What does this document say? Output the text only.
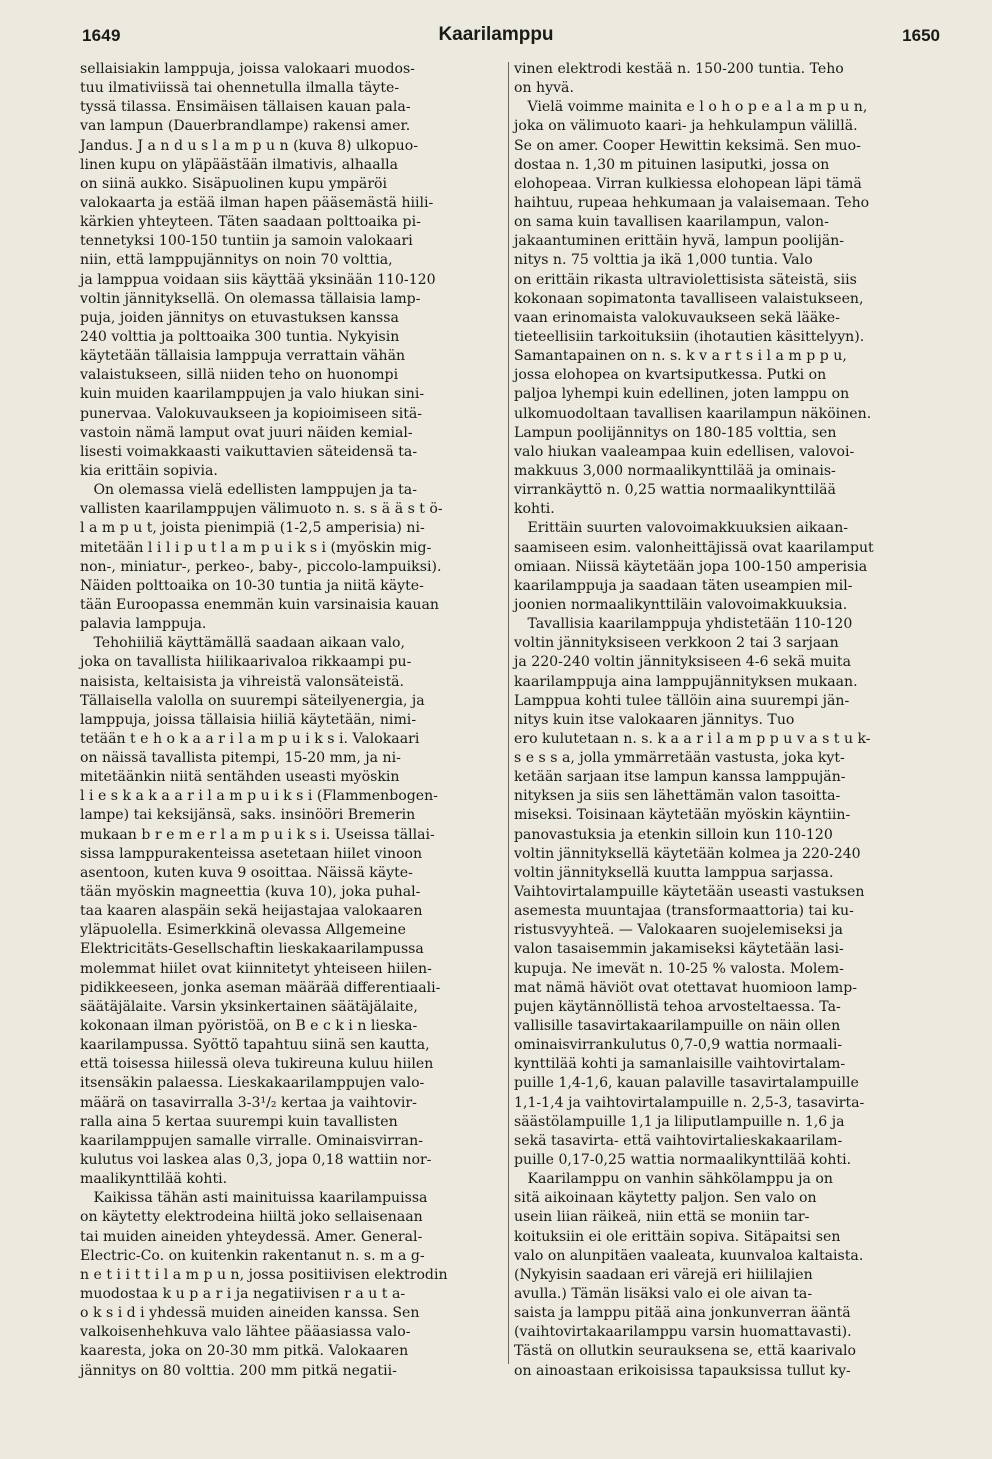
1649	Kaarilamppu	1650
sellaisiakin lamppuja, joissa valokaari muodos-
tuu ilmativiissä tai ohennetulla ilmalla täyte-
tyssä tilassa. Ensimäisen tällaisen kauan pala-
van lampun (Dauerbrandlampe) rakensi amer.
Jandus. J a n d u s l a m p u n (kuva 8) ulkopuo-
linen kupu on yläpäästään ilmativis, alhaalla
on siinä aukko. Sisäpuolinen kupu ympäröi
valokaarta ja estää ilman hapen pääsemästä hiili-
kärkien yhteyteen. Täten saadaan polttoaika pi-
tennetyksi 100-150 tuntiin ja samoin valokaari
niin, että lamppujännitys on noin 70 volttia,
ja lamppua voidaan siis käyttää yksinään 110-120
voltin jännityksellä. On olemassa tällaisia lamp-
puja, joiden jännitys on etuvastuksen kanssa
240 volttia ja polttoaika 300 tuntia. Nykyisin
käytetään tällaisia lamppuja verrattain vähän
valaistukseen, sillä niiden teho on huonompi
kuin muiden kaarilamppujen ja valo hiukan sini-
punervaa. Valokuvaukseen ja kopioimiseen sitä-
vastoin nämä lamput ovat juuri näiden kemial-
lisesti voimakkaasti vaikuttavien säteidensä ta-
kia erittäin sopivia.
On olemassa vielä edellisten lamppujen ja ta-
vallisten kaarilamppujen välimuoto n. s. s ä ä s t ö-
l a m p u t, joista pienimpiä (1-2,5 amperisia) ni-
mitetään l i l i p u t l a m p u i k s i (myöskin mig-
non-, miniatur-, perkeo-, baby-, piccolo-lampuiksi).
Näiden polttoaika on 10-30 tuntia ja niitä käyte-
tään Euroopassa enemmän kuin varsinaisia kauan
palavia lamppuja.
Tehohiiliä käyttämällä saadaan aikaan valo,
joka on tavallista hiilikaarivaloa rikkaampi pu-
naisista, keltaisista ja vihreistä valonsäteistä.
Tällaisella valolla on suurempi säteilyenergia, ja
lamppuja, joissa tällaisia hiiliä käytetään, nimi-
tetään t e h o k a a r i l a m p u i k s i. Valokaari
on näissä tavallista pitempi, 15-20 mm, ja ni-
mitetäänkin niitä sentähden useasti myöskin
l i e s k a k a a r i l a m p u i k s i (Flammenbogen-
lampe) tai keksijänsä, saks. insinööri Bremerin
mukaan b r e m e r l a m p u i k s i. Useissa tällai-
sissa lamppurakenteissa asetetaan hiilet vinoon
asentoon, kuten kuva 9 osoittaa. Näissä käyte-
tään myöskin magneettia (kuva 10), joka puhal-
taa kaaren alaspäin sekä heijastajaa valokaaren
yläpuolella. Esimerkkinä olevassa Allgemeine
Elektricitäts-Gesellschaftin lieskakaarilampussa
molemmat hiilet ovat kiinnitetyt yhteiseen hiilen-
pidikkeeseen, jonka aseman määrää differentiaali-
säätäjälaite. Varsin yksinkertainen säätäjälaite,
kokonaan ilman pyöristöä, on B e c k i n lieska-
kaarilampussa. Syöttö tapahtuu siinä sen kautta,
että toisessa hiilessä oleva tukireuna kuluu hiilen
itsensäkin palaessa. Lieskakaarilamppujen valo-
määrä on tasavirralla 3-3¹/₂ kertaa ja vaihtovir-
ralla aina 5 kertaa suurempi kuin tavallisten
kaarilamppujen samalle virralle. Ominaisvirran-
kulutus voi laskea alas 0,3, jopa 0,18 wattiin nor-
maalikynttilää kohti.
Kaikissa tähän asti mainituissa kaarilampuissa
on käytetty elektrodeina hiiltä joko sellaisenaan
tai muiden aineiden yhteydessä. Amer. General-
Electric-Co. on kuitenkin rakentanut n. s. m a g-
n e t i i t t i l a m p u n, jossa positiivisen elektrodin
muodostaa k u p a r i ja negatiivisen r a u t a-
o k s i d i yhdessä muiden aineiden kanssa. Sen
valkoisenhehkuva valo lähtee pääasiassa valo-
kaaresta, joka on 20-30 mm pitkä. Valokaaren
jännitys on 80 volttia. 200 mm pitkä negatii-
vinen elektrodi kestää n. 150-200 tuntia. Teho
on hyvä.
Vielä voimme mainita e l o h o p e a l a m p u n,
joka on välimuoto kaari- ja hehkulampun välillä.
Se on amer. Cooper Hewittin keksimä. Sen muo-
dostaa n. 1,30 m pituinen lasiputki, jossa on
elohopeaa. Virran kulkiessa elohopean läpi tämä
haihtuu, rupeaa hehkumaan ja valaisemaan. Teho
on sama kuin tavallisen kaarilampun, valon-
jakaantuminen erittäin hyvä, lampun poolijän-
nitys n. 75 volttia ja ikä 1,000 tuntia. Valo
on erittäin rikasta ultraviolettisista säteistä, siis
kokonaan sopimatonta tavalliseen valaistukseen,
vaan erinomaista valokuvaukseen sekä lääke-
tieteellisiin tarkoituksiin (ihotautien käsittelyyn).
Samantapainen on n. s. k v a r t s i l a m p p u,
jossa elohopea on kvartsiputkessa. Putki on
paljoa lyhempi kuin edellinen, joten lamppu on
ulkomuodoltaan tavallisen kaarilampun näköinen.
Lampun poolijännitys on 180-185 volttia, sen
valo hiukan vaaleampaa kuin edellisen, valovoi-
makkuus 3,000 normaalikynttilää ja ominais-
virrankäyttö n. 0,25 wattia normaalikynttilää
kohti.
Erittäin suurten valovoimakkuuksien aikaan-
saamiseen esim. valonheittäjissä ovat kaarilamput
omiaan. Niissä käytetään jopa 100-150 amperisia
kaarilamppuja ja saadaan täten useampien mil-
joonien normaalikynttiläin valovoimakkuuksia.
Tavallisia kaarilamppuja yhdistetään 110-120
voltin jännityksiseen verkkoon 2 tai 3 sarjaan
ja 220-240 voltin jännityksiseen 4-6 sekä muita
kaarilamppuja aina lamppujännityksen mukaan.
Lamppua kohti tulee tällöin aina suurempi jän-
nitys kuin itse valokaaren jännitys. Tuo
ero kulutetaan n. s. k a a r i l a m p p u v a s t u k-
s e s s a, jolla ymmärretään vastusta, joka kyt-
ketään sarjaan itse lampun kanssa lamppujän-
nityksen ja siis sen lähettämän valon tasoitta-
miseksi. Toisinaan käytetään myöskin käyntiin-
panovastuksia ja etenkin silloin kun 110-120
voltin jännityksellä käytetään kolmea ja 220-240
voltin jännityksellä kuutta lamppua sarjassa.
Vaihtovirtalampuille käytetään useasti vastuksen
asemesta muuntajaa (transformaattoria) tai ku-
ristusvyyhteä. — Valokaaren suojelemiseksi ja
valon tasaisemmin jakamiseksi käytetään lasi-
kupuja. Ne imevät n. 10-25 % valosta. Molem-
mat nämä häviöt ovat otettavat huomioon lamp-
pujen käytännöllistä tehoa arvosteltaessa. Ta-
vallisille tasavirtakaarilampuille on näin ollen
ominaisvirrankulutus 0,7-0,9 wattia normaali-
kynttilää kohti ja samanlaisille vaihtovirtalam-
puille 1,4-1,6, kauan palaville tasavirtalampuille
1,1-1,4 ja vaihtovirtalampuille n. 2,5-3, tasavirta-
säästölampuille 1,1 ja liliputlampuille n. 1,6 ja
sekä tasavirta- että vaihtovirtalieskakaarilam-
puille 0,17-0,25 wattia normaalikynttilää kohti.
Kaarilamppu on vanhin sähkölamppu ja on
sitä aikoinaan käytetty paljon. Sen valo on
usein liian räikeä, niin että se moniin tar-
koituksiin ei ole erittäin sopiva. Sitäpaitsi sen
valo on alunpitäen vaaleata, kuunvaloa kaltaista.
(Nykyisin saadaan eri värejä eri hiililajien
avulla.) Tämän lisäksi valo ei ole aivan ta-
saista ja lamppu pitää aina jonkunverran ääntä
(vaihtovirtakaarilamppu varsin huomattavasti).
Tästä on ollutkin seurauksena se, että kaarivalo
on ainoastaan erikoisissa tapauksissa tullut ky-
